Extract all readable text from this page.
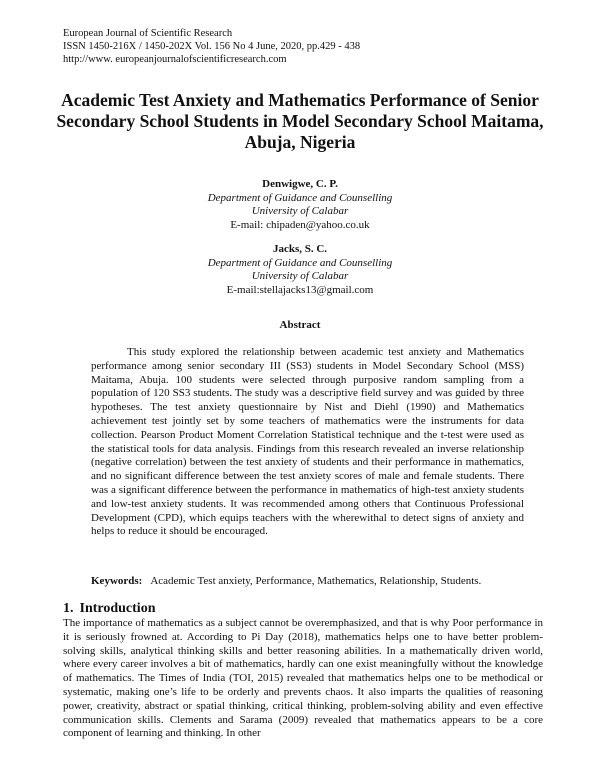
European Journal of Scientific Research
ISSN 1450-216X / 1450-202X Vol. 156 No 4 June, 2020, pp.429 - 438
http://www. europeanjournalofscientificresearch.com
Academic Test Anxiety and Mathematics Performance of Senior Secondary School Students in Model Secondary School Maitama, Abuja, Nigeria
Denwigwe, C. P.
Department of Guidance and Counselling
University of Calabar
E-mail: chipaden@yahoo.co.uk
Jacks, S. C.
Department of Guidance and Counselling
University of Calabar
E-mail:stellajacks13@gmail.com
Abstract

This study explored the relationship between academic test anxiety and Mathematics performance among senior secondary III (SS3) students in Model Secondary School (MSS) Maitama, Abuja. 100 students were selected through purposive random sampling from a population of 120 SS3 students. The study was a descriptive field survey and was guided by three hypotheses. The test anxiety questionnaire by Nist and Diehl (1990) and Mathematics achievement test jointly set by some teachers of mathematics were the instruments for data collection. Pearson Product Moment Correlation Statistical technique and the t-test were used as the statistical tools for data analysis. Findings from this research revealed an inverse relationship (negative correlation) between the test anxiety of students and their performance in mathematics, and no significant difference between the test anxiety scores of male and female students. There was a significant difference between the performance in mathematics of high-test anxiety students and low-test anxiety students. It was recommended among others that Continuous Professional Development (CPD), which equips teachers with the wherewithal to detect signs of anxiety and helps to reduce it should be encouraged.

Keywords: Academic Test anxiety, Performance, Mathematics, Relationship, Students.
1. Introduction

The importance of mathematics as a subject cannot be overemphasized, and that is why Poor performance in it is seriously frowned at. According to Pi Day (2018), mathematics helps one to have better problem-solving skills, analytical thinking skills and better reasoning abilities. In a mathematically driven world, where every career involves a bit of mathematics, hardly can one exist meaningfully without the knowledge of mathematics. The Times of India (TOI, 2015) revealed that mathematics helps one to be methodical or systematic, making one’s life to be orderly and prevents chaos. It also imparts the qualities of reasoning power, creativity, abstract or spatial thinking, critical thinking, problem-solving ability and even effective communication skills. Clements and Sarama (2009) revealed that mathematics appears to be a core component of learning and thinking. In other
